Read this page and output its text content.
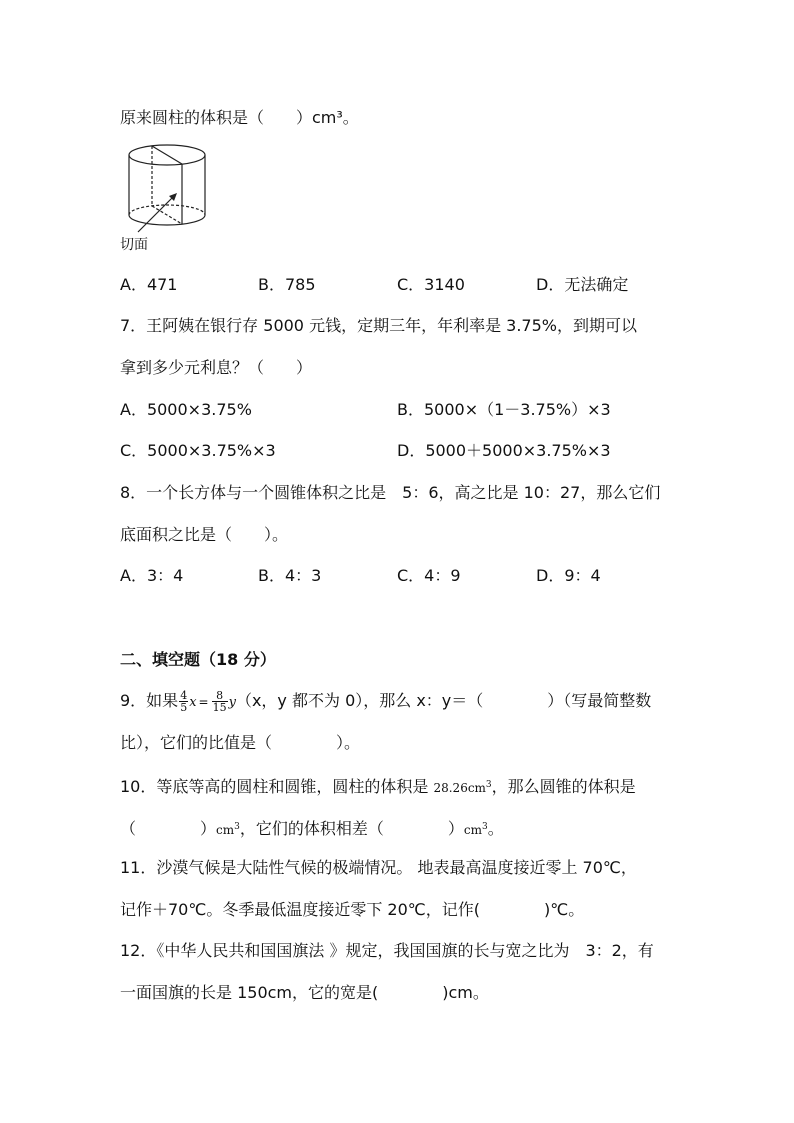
原来圆柱的体积是（　　）cm³。
切面
A．471	B．785	C．3140	D．无法确定
7．王阿姨在银行存 5000 元钱，定期三年，年利率是 3.75%，到期可以
拿到多少元利息？（　　）
A．5000×3.75%	B．5000×（1－3.75%）×3
C．5000×3.75%×3	D．5000＋5000×3.75%×3
8．一个长方体与一个圆锥体积之比是　5：6，高之比是 10：27，那么它们
底面积之比是（　　）。
A．3：4	B．4：3	C．4：9	D．9：4
二、填空题（18 分）
9．如果 $\frac{4}{5}$ $x = \frac{8}{15} y(x$，y 都不为 0），那么 x：y＝（　　　　）（写最简整数
比），它们的比值是（　　　　）。
10．等底等高的圆柱和圆锥，圆柱的体积是 $28.26cm^3$，那么圆锥的体积是
（　　　　）$cm^3$，它们的体积相差（　　　　）$cm^3$。
11．沙漠气候是大陆性气候的极端情况。 地表最高温度接近零上 70℃，
记作＋70℃。冬季最低温度接近零下 20℃，记作(　　　　)℃。
12．《中华人民共和国国旗法 》规定，我国国旗的长与宽之比为　3：2，有
一面国旗的长是 150cm，它的宽是(　　　　)cm。
